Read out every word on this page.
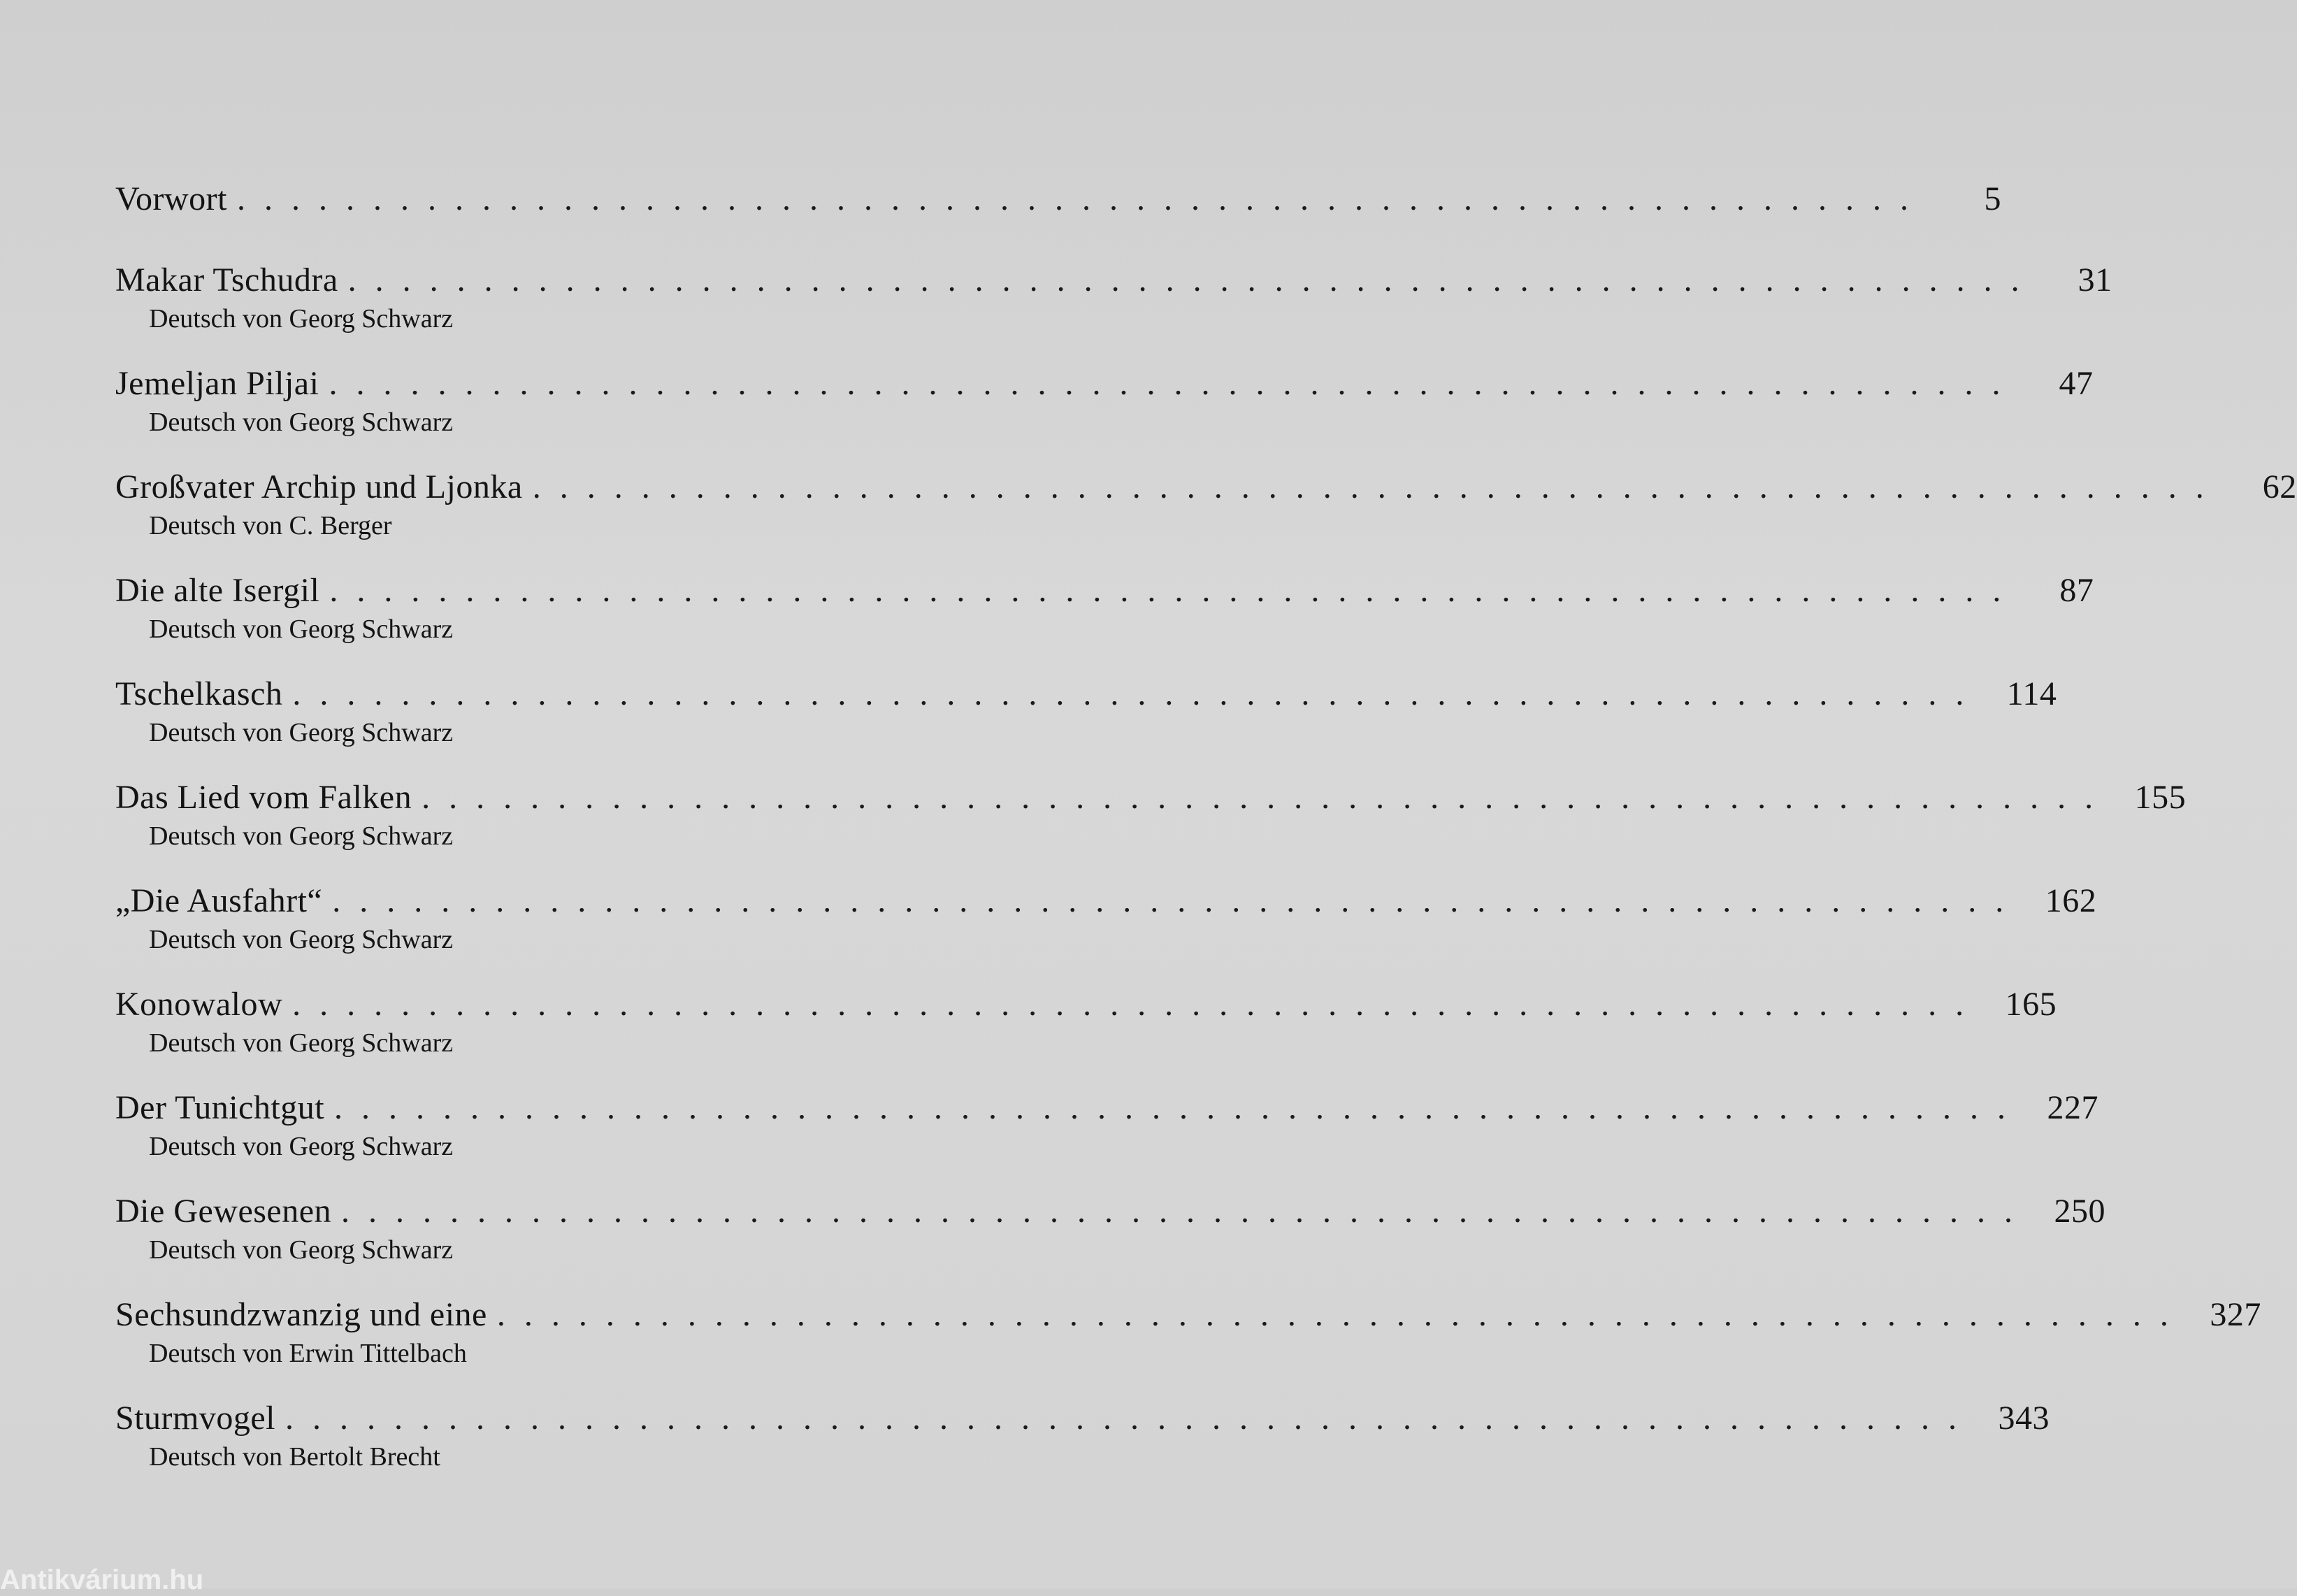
Vorwort ..............................................................	5
Makar Tschudra ..............................................................	31
Deutsch von Georg Schwarz
Jemeljan Piljai ..............................................................	47
Deutsch von Georg Schwarz
Großvater Archip und Ljonka ..............................................................	62
Deutsch von C. Berger
Die alte Isergil ..............................................................	87
Deutsch von Georg Schwarz
Tschelkasch .............................................................. 114
Deutsch von Georg Schwarz
Das Lied vom Falken .............................................................. 155
Deutsch von Georg Schwarz
„Die Ausfahrt“ .............................................................. 162
Deutsch von Georg Schwarz
Konowalow .............................................................. 165
Deutsch von Georg Schwarz
Der Tunichtgut .............................................................. 227
Deutsch von Georg Schwarz
Die Gewesenen .............................................................. 250
Deutsch von Georg Schwarz
Sechsundzwanzig und eine .............................................................. 327
Deutsch von Erwin Tittelbach
Sturmvogel .............................................................. 343
Deutsch von Bertolt Brecht
Antikvárium.hu
